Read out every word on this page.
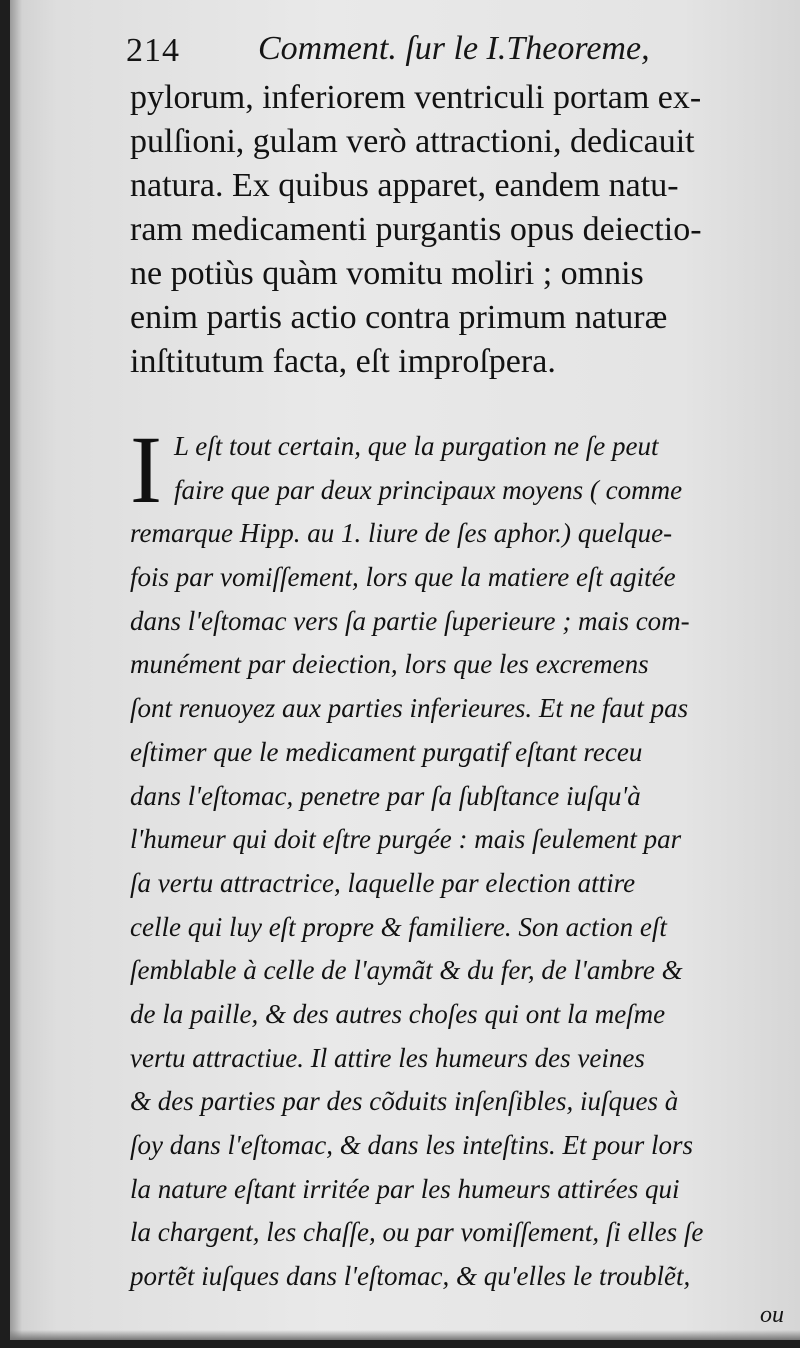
214 Comment. ſur le I.Theoreme,
pylorum, inferiorem ventriculi portam ex-
pulſioni, gulam verò attractioni, dedicauit
natura. Ex quibus apparet, eandem natu-
ram medicamenti purgantis opus deiectio-
ne potiùs quàm vomitu moliri ; omnis
enim partis actio contra primum naturæ
inſtitutum facta, eſt improſpera.
I L eſt tout certain, que la purgation ne ſe peut
faire que par deux principaux moyens ( comme
remarque Hipp. au 1. liure de ſes aphor.) quelque-
fois par vomiſſement, lors que la matiere eſt agitée
dans l'eſtomac vers ſa partie ſuperieure ; mais com-
munément par deiection, lors que les excremens
ſont renuoyez aux parties inferieures. Et ne faut pas
eſtimer que le medicament purgatif eſtant receu
dans l'eſtomac, penetre par ſa ſubſtance iuſqu'à
l'humeur qui doit eſtre purgée : mais ſeulement par
ſa vertu attractrice, laquelle par election attire
celle qui luy eſt propre & familiere. Son action eſt
ſemblable à celle de l'aymãt & du fer, de l'ambre &
de la paille, & des autres choſes qui ont la meſme
vertu attractiue. Il attire les humeurs des veines
& des parties par des cõduits inſenſibles, iuſques à
ſoy dans l'eſtomac, & dans les inteſtins. Et pour lors
la nature eſtant irritée par les humeurs attirées qui
la chargent, les chaſſe, ou par vomiſſement, ſi elles ſe
portẽt iuſques dans l'eſtomac, & qu'elles le troublẽt,
ou
